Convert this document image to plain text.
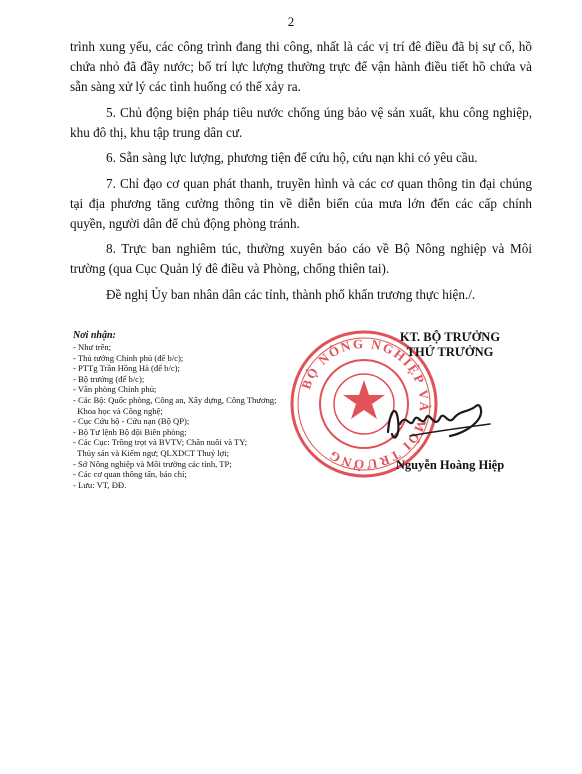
2

trình xung yếu, các công trình đang thi công, nhất là các vị trí đê điều đã bị sự cố, hồ chứa nhỏ đã đầy nước; bố trí lực lượng thường trực để vận hành điều tiết hồ chứa và sẵn sàng xử lý các tình huống có thể xảy ra.

5. Chủ động biện pháp tiêu nước chống úng bảo vệ sản xuất, khu công nghiệp, khu đô thị, khu tập trung dân cư.

6. Sẵn sàng lực lượng, phương tiện để cứu hộ, cứu nạn khi có yêu cầu.

7. Chỉ đạo cơ quan phát thanh, truyền hình và các cơ quan thông tin đại chúng tại địa phương tăng cường thông tin về diễn biến của mưa lớn đến các cấp chính quyền, người dân để chủ động phòng tránh.

8. Trực ban nghiêm túc, thường xuyên báo cáo về Bộ Nông nghiệp và Môi trường (qua Cục Quản lý đê điều và Phòng, chống thiên tai).

Đề nghị Ủy ban nhân dân các tỉnh, thành phố khẩn trương thực hiện./.

Nơi nhận:
- Như trên;
- Thủ tướng Chính phủ (để b/c);
- PTTg Trần Hồng Hà (để b/c);
- Bộ trưởng (để b/c);
- Văn phòng Chính phủ;
- Các Bộ: Quốc phòng, Công an, Xây dựng, Công Thương;
Khoa học và Công nghệ;
- Cục Cứu hộ - Cứu nạn (Bộ QP);
- Bộ Tư lệnh Bộ đội Biên phòng;
- Các Cục: Trồng trọt và BVTV; Chăn nuôi và TY;
Thủy sản và Kiểm ngư; QLXDCT Thuỷ lợi;
- Sở Nông nghiệp và Môi trường các tỉnh, TP;
- Các cơ quan thông tấn, báo chí;
- Lưu: VT, ĐĐ.
BỘ NÔNG NGHIỆP VÀ MÔI TRƯỜNG
KT. BỘ TRƯỞNG
THỨ TRƯỞNG
Nguyễn Hoàng Hiệp
